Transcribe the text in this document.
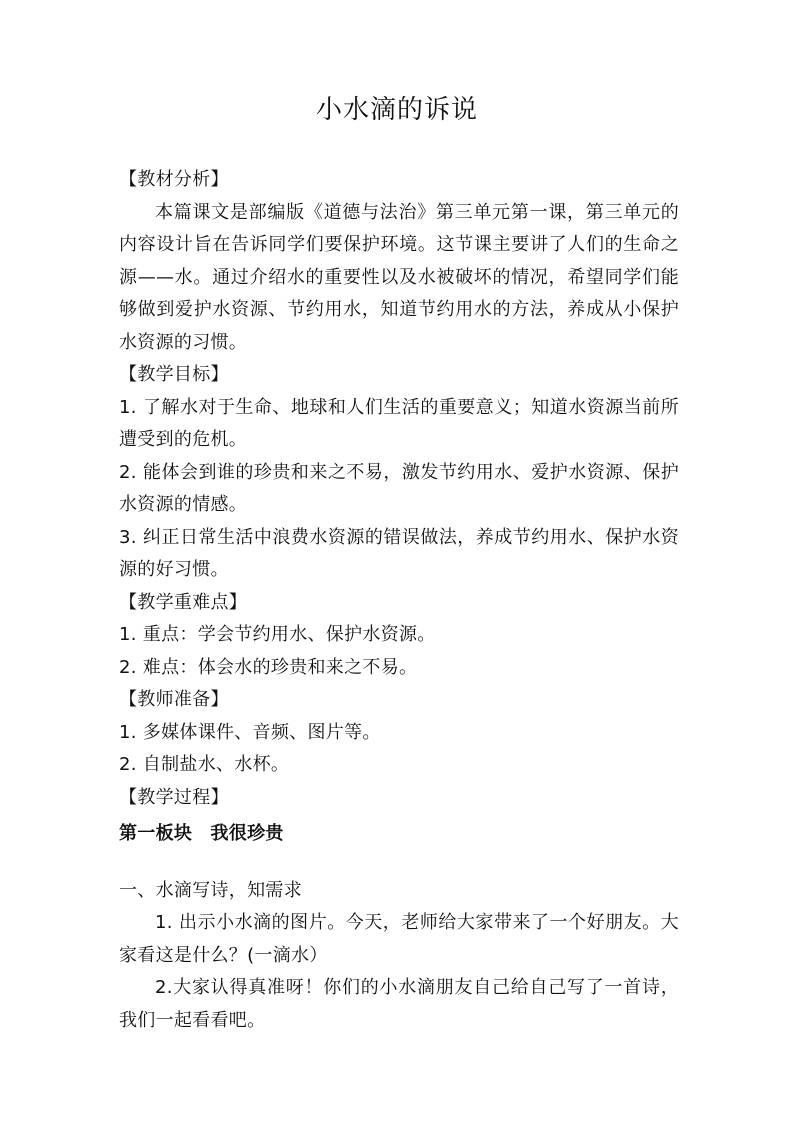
小水滴的诉说

【教材分析】

本篇课文是部编版《道德与法治》第三单元第一课，第三单元的内容设计旨在告诉同学们要保护环境。这节课主要讲了人们的生命之源——水。通过介绍水的重要性以及水被破坏的情况，希望同学们能够做到爱护水资源、节约用水，知道节约用水的方法，养成从小保护水资源的习惯。

【教学目标】

1. 了解水对于生命、地球和人们生活的重要意义；知道水资源当前所遭受到的危机。

2. 能体会到谁的珍贵和来之不易，激发节约用水、爱护水资源、保护水资源的情感。

3. 纠正日常生活中浪费水资源的错误做法，养成节约用水、保护水资源的好习惯。

【教学重难点】

1. 重点：学会节约用水、保护水资源。

2. 难点：体会水的珍贵和来之不易。

【教师准备】

1. 多媒体课件、音频、图片等。

2. 自制盐水、水杯。

【教学过程】

第一板块　我很珍贵

一、水滴写诗，知需求

1. 出示小水滴的图片。今天，老师给大家带来了一个好朋友。大家看这是什么？(一滴水）

2.大家认得真准呀！你们的小水滴朋友自己给自己写了一首诗，我们一起看看吧。
